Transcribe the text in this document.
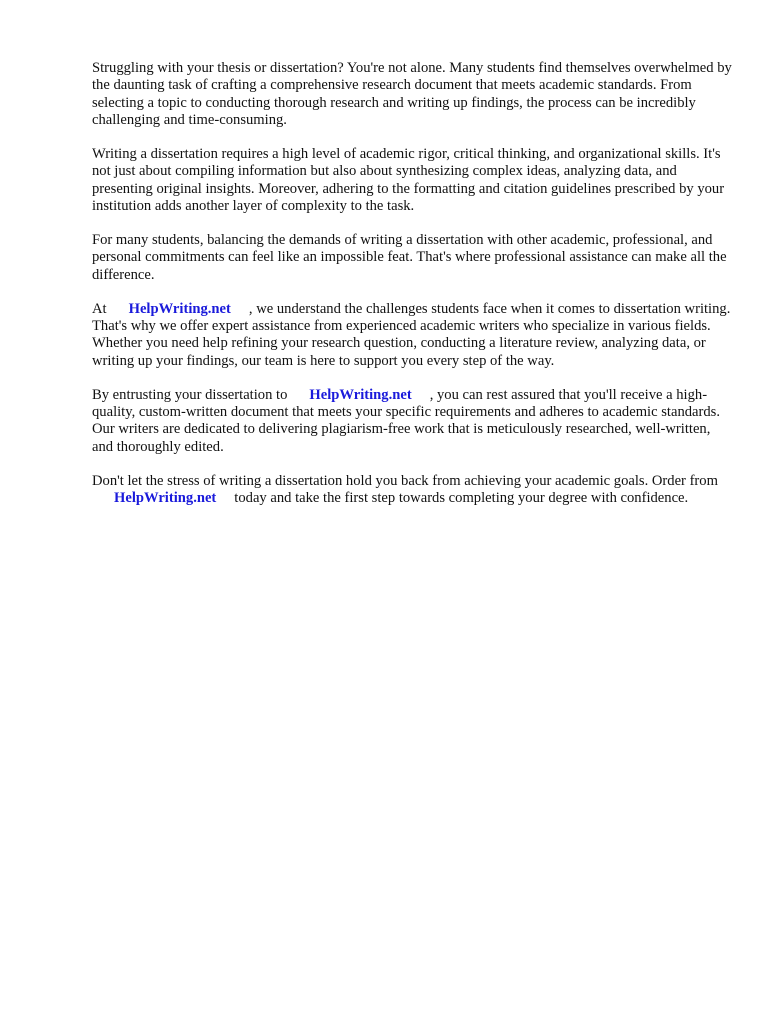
Struggling with your thesis or dissertation? You're not alone. Many students find themselves overwhelmed by the daunting task of crafting a comprehensive research document that meets academic standards. From selecting a topic to conducting thorough research and writing up findings, the process can be incredibly challenging and time-consuming.

Writing a dissertation requires a high level of academic rigor, critical thinking, and organizational skills. It's not just about compiling information but also about synthesizing complex ideas, analyzing data, and presenting original insights. Moreover, adhering to the formatting and citation guidelines prescribed by your institution adds another layer of complexity to the task.

For many students, balancing the demands of writing a dissertation with other academic, professional, and personal commitments can feel like an impossible feat. That's where professional assistance can make all the difference.

At HelpWriting.net , we understand the challenges students face when it comes to dissertation writing. That's why we offer expert assistance from experienced academic writers who specialize in various fields. Whether you need help refining your research question, conducting a literature review, analyzing data, or writing up your findings, our team is here to support you every step of the way.

By entrusting your dissertation to HelpWriting.net , you can rest assured that you'll receive a high-quality, custom-written document that meets your specific requirements and adheres to academic standards. Our writers are dedicated to delivering plagiarism-free work that is meticulously researched, well-written, and thoroughly edited.

Don't let the stress of writing a dissertation hold you back from achieving your academic goals. Order fromHelpWriting.net today and take the first step towards completing your degree with confidence.
